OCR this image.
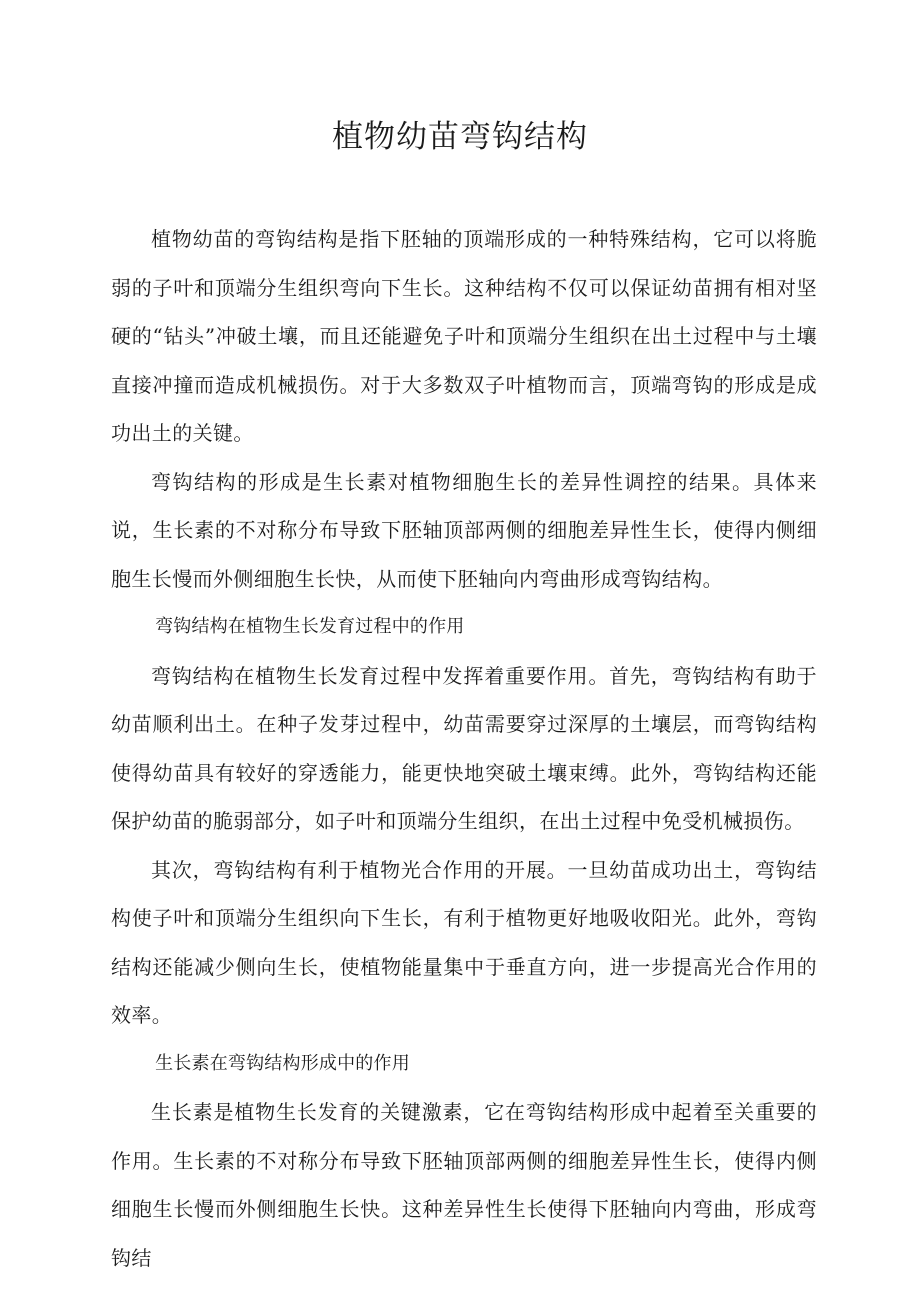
植物幼苗弯钩结构

植物幼苗的弯钩结构是指下胚轴的顶端形成的一种特殊结构，它可以将脆弱的子叶和顶端分生组织弯向下生长。这种结构不仅可以保证幼苗拥有相对坚硬的“钻头”冲破土壤，而且还能避免子叶和顶端分生组织在出土过程中与土壤直接冲撞而造成机械损伤。对于大多数双子叶植物而言，顶端弯钩的形成是成功出土的关键。

弯钩结构的形成是生长素对植物细胞生长的差异性调控的结果。具体来说，生长素的不对称分布导致下胚轴顶部两侧的细胞差异性生长，使得内侧细胞生长慢而外侧细胞生长快，从而使下胚轴向内弯曲形成弯钩结构。

弯钩结构在植物生长发育过程中的作用

弯钩结构在植物生长发育过程中发挥着重要作用。首先，弯钩结构有助于幼苗顺利出土。在种子发芽过程中，幼苗需要穿过深厚的土壤层，而弯钩结构使得幼苗具有较好的穿透能力，能更快地突破土壤束缚。此外，弯钩结构还能保护幼苗的脆弱部分，如子叶和顶端分生组织，在出土过程中免受机械损伤。

其次，弯钩结构有利于植物光合作用的开展。一旦幼苗成功出土，弯钩结构使子叶和顶端分生组织向下生长，有利于植物更好地吸收阳光。此外，弯钩结构还能减少侧向生长，使植物能量集中于垂直方向，进一步提高光合作用的效率。

生长素在弯钩结构形成中的作用

生长素是植物生长发育的关键激素，它在弯钩结构形成中起着至关重要的作用。生长素的不对称分布导致下胚轴顶部两侧的细胞差异性生长，使得内侧细胞生长慢而外侧细胞生长快。这种差异性生长使得下胚轴向内弯曲，形成弯钩结
